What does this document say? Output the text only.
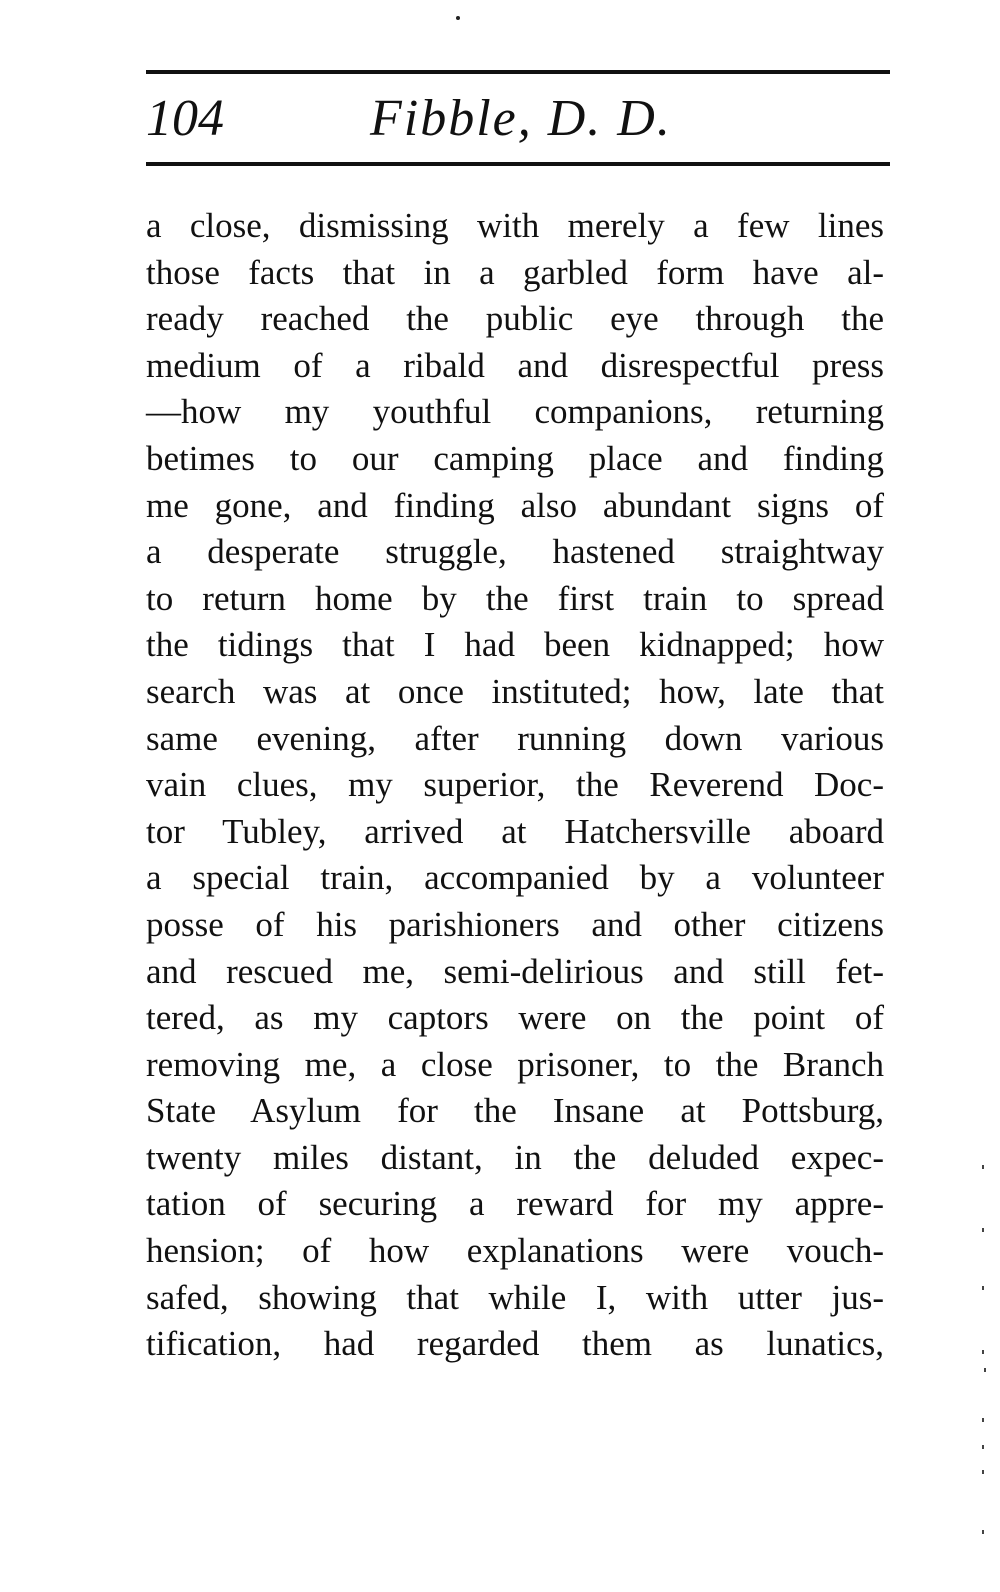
104	Fibble, D. D.
a close, dismissing with merely a few lines
those facts that in a garbled form have al-
ready reached the public eye through the
medium of a ribald and disrespectful press
—how my youthful companions, returning
betimes to our camping place and finding
me gone, and finding also abundant signs of
a desperate struggle, hastened straightway
to return home by the first train to spread
the tidings that I had been kidnapped; how
search was at once instituted; how, late that
same evening, after running down various
vain clues, my superior, the Reverend Doc-
tor Tubley, arrived at Hatchersville aboard
a special train, accompanied by a volunteer
posse of his parishioners and other citizens
and rescued me, semi-delirious and still fet-
tered, as my captors were on the point of
removing me, a close prisoner, to the Branch
State Asylum for the Insane at Pottsburg,
twenty miles distant, in the deluded expec-
tation of securing a reward for my appre-
hension; of how explanations were vouch-
safed, showing that while I, with utter jus-
tification, had regarded them as lunatics,
